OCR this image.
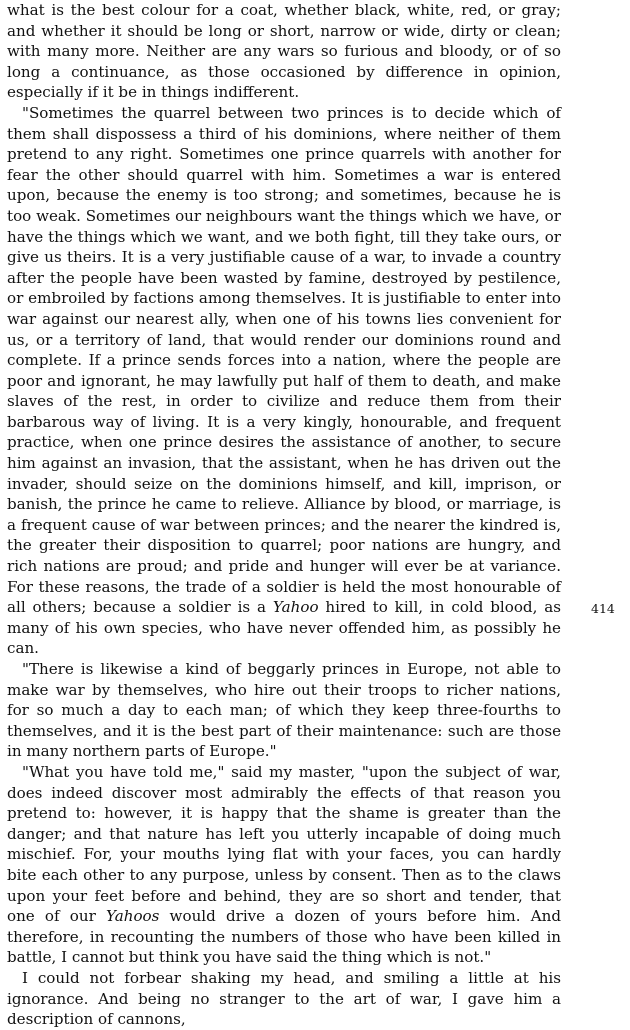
what is the best colour for a coat, whether black, white, red, or gray; and whether it should be long or short, narrow or wide, dirty or clean; with many more. Neither are any wars so furious and bloody, or of so long a continuance, as those occasioned by difference in opinion, especially if it be in things indifferent.

"Sometimes the quarrel between two princes is to decide which of them shall dispossess a third of his dominions, where neither of them pretend to any right. Sometimes one prince quarrels with another for fear the other should quarrel with him. Sometimes a war is entered upon, because the enemy is too strong; and sometimes, because he is too weak. Sometimes our neighbours want the things which we have, or have the things which we want, and we both fight, till they take ours, or give us theirs. It is a very justifiable cause of a war, to invade a country after the people have been wasted by famine, destroyed by pestilence, or embroiled by factions among themselves. It is justifiable to enter into war against our nearest ally, when one of his towns lies convenient for us, or a territory of land, that would render our dominions round and complete. If a prince sends forces into a nation, where the people are poor and ignorant, he may lawfully put half of them to death, and make slaves of the rest, in order to civilize and reduce them from their barbarous way of living. It is a very kingly, honourable, and frequent practice, when one prince desires the assistance of another, to secure him against an invasion, that the assistant, when he has driven out the invader, should seize on the dominions himself, and kill, imprison, or banish, the prince he came to relieve. Alliance by blood, or marriage, is a frequent cause of war between princes; and the nearer the kindred is, the greater their disposition to quarrel; poor nations are hungry, and rich nations are proud; and pride and hunger will ever be at variance. For these reasons, the trade of a soldier is held the most honourable of all others; because a soldier is a Yahoo hired to kill, in cold blood, as many of his own species, who have never offended him, as possibly he can.

"There is likewise a kind of beggarly princes in Europe, not able to make war by themselves, who hire out their troops to richer nations, for so much a day to each man; of which they keep three-fourths to themselves, and it is the best part of their maintenance: such are those in many northern parts of Europe."

"What you have told me," said my master, "upon the subject of war, does indeed discover most admirably the effects of that reason you pretend to: however, it is happy that the shame is greater than the danger; and that nature has left you utterly incapable of doing much mischief. For, your mouths lying flat with your faces, you can hardly bite each other to any purpose, unless by consent. Then as to the claws upon your feet before and behind, they are so short and tender, that one of our Yahoos would drive a dozen of yours before him. And therefore, in recounting the numbers of those who have been killed in battle, I cannot but think you have said the thing which is not."

I could not forbear shaking my head, and smiling a little at his ignorance. And being no stranger to the art of war, I gave him a description of cannons,

414
